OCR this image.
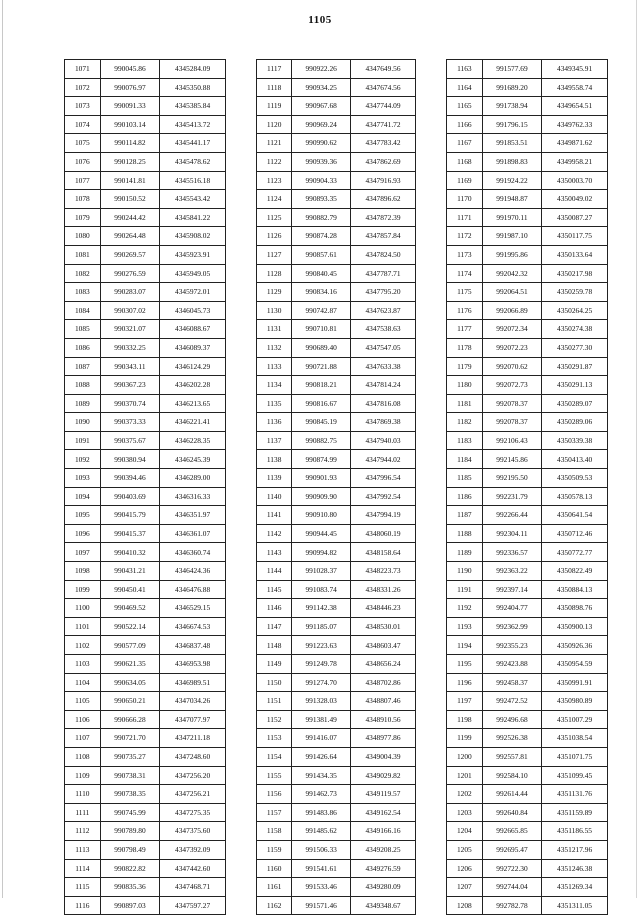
1105
1071	990045.86	4345284.09
1072	990076.97	4345350.88
1073	990091.33	4345385.84
1074	990103.14	4345413.72
1075	990114.82	4345441.17
1076	990128.25	4345478.62
1077	990141.81	4345516.18
1078	990150.52	4345543.42
1079	990244.42	4345841.22
1080	990264.48	4345908.02
1081	990269.57	4345923.91
1082	990276.59	4345949.05
1083	990283.07	4345972.01
1084	990307.02	4346045.73
1085	990321.07	4346088.67
1086	990332.25	4346089.37
1087	990343.11	4346124.29
1088	990367.23	4346202.28
1089	990370.74	4346213.65
1090	990373.33	4346221.41
1091	990375.67	4346228.35
1092	990380.94	4346245.39
1093	990394.46	4346289.00
1094	990403.69	4346316.33
1095	990415.79	4346351.97
1096	990415.37	4346361.07
1097	990410.32	4346360.74
1098	990431.21	4346424.36
1099	990450.41	4346476.88
1100	990469.52	4346529.15
1101	990522.14	4346674.53
1102	990577.09	4346837.48
1103	990621.35	4346953.98
1104	990634.05	4346989.51
1105	990650.21	4347034.26
1106	990666.28	4347077.97
1107	990721.70	4347211.18
1108	990735.27	4347248.60
1109	990738.31	4347256.20
1110	990738.35	4347256.21
1111	990745.99	4347275.35
1112	990789.80	4347375.60
1113	990798.49	4347392.09
1114	990822.82	4347442.60
1115	990835.36	4347468.71
1116	990897.03	4347597.27
1117	990922.26	4347649.56
1118	990934.25	4347674.56
1119	990967.68	4347744.09
1120	990969.24	4347741.72
1121	990990.62	4347783.42
1122	990939.36	4347862.69
1123	990904.33	4347916.93
1124	990893.35	4347896.62
1125	990882.79	4347872.39
1126	990874.28	4347857.84
1127	990857.61	4347824.50
1128	990840.45	4347787.71
1129	990834.16	4347795.20
1130	990742.87	4347623.87
1131	990710.81	4347538.63
1132	990689.40	4347547.05
1133	990721.88	4347633.38
1134	990818.21	4347814.24
1135	990816.67	4347816.08
1136	990845.19	4347869.38
1137	990882.75	4347940.03
1138	990874.99	4347944.02
1139	990901.93	4347996.54
1140	990909.90	4347992.54
1141	990910.80	4347994.19
1142	990944.45	4348060.19
1143	990994.82	4348158.64
1144	991028.37	4348223.73
1145	991083.74	4348331.26
1146	991142.38	4348446.23
1147	991185.07	4348530.01
1148	991223.63	4348603.47
1149	991249.78	4348656.24
1150	991274.70	4348702.86
1151	991328.03	4348807.46
1152	991381.49	4348910.56
1153	991416.07	4348977.86
1154	991426.64	4349004.39
1155	991434.35	4349029.82
1156	991462.73	4349119.57
1157	991483.86	4349162.54
1158	991485.62	4349166.16
1159	991506.33	4349208.25
1160	991541.61	4349276.59
1161	991533.46	4349280.09
1162	991571.46	4349348.67
1163	991577.69	4349345.91
1164	991689.20	4349558.74
1165	991738.94	4349654.51
1166	991796.15	4349762.33
1167	991853.51	4349871.62
1168	991898.83	4349958.21
1169	991924.22	4350003.70
1170	991948.87	4350049.02
1171	991970.11	4350087.27
1172	991987.10	4350117.75
1173	991995.86	4350133.64
1174	992042.32	4350217.98
1175	992064.51	4350259.78
1176	992066.89	4350264.25
1177	992072.34	4350274.38
1178	992072.23	4350277.30
1179	992070.62	4350291.87
1180	992072.73	4350291.13
1181	992078.37	4350289.07
1182	992078.37	4350289.06
1183	992106.43	4350339.38
1184	992145.86	4350413.40
1185	992195.50	4350509.53
1186	992231.79	4350578.13
1187	992266.44	4350641.54
1188	992304.11	4350712.46
1189	992336.57	4350772.77
1190	992363.22	4350822.49
1191	992397.14	4350884.13
1192	992404.77	4350898.76
1193	992362.99	4350900.13
1194	992355.23	4350926.36
1195	992423.88	4350954.59
1196	992458.37	4350991.91
1197	992472.52	4350980.89
1198	992496.68	4351007.29
1199	992526.38	4351038.54
1200	992557.81	4351071.75
1201	992584.10	4351099.45
1202	992614.44	4351131.76
1203	992640.84	4351159.89
1204	992665.85	4351186.55
1205	992695.47	4351217.96
1206	992722.30	4351246.38
1207	992744.04	4351269.34
1208	992782.78	4351311.05
